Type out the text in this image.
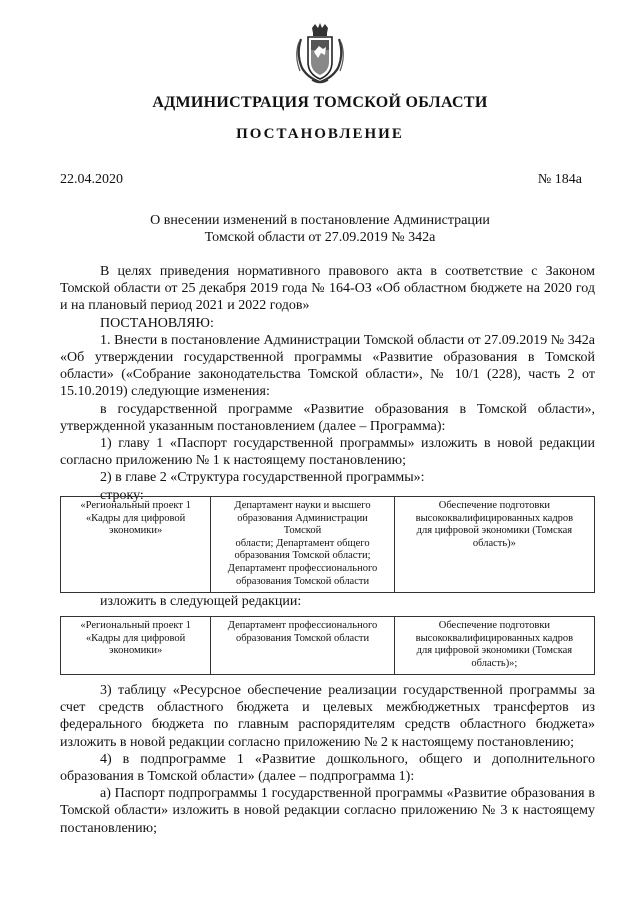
АДМИНИСТРАЦИЯ ТОМСКОЙ ОБЛАСТИ
ПОСТАНОВЛЕНИЕ
22.04.2020	№ 184а
О внесении изменений в постановление Администрации
Томской области от 27.09.2019 № 342а

В целях приведения нормативного правового акта в соответствие с Законом Томской области от 25 декабря 2019 года № 164-ОЗ «Об областном бюджете на 2020 год и на плановый период 2021 и 2022 годов»

ПОСТАНОВЛЯЮ:

1. Внести в постановление Администрации Томской области от 27.09.2019 № 342а «Об утверждении государственной программы «Развитие образования в Томской области» («Собрание законодательства Томской области», № 10/1 (228), часть 2 от 15.10.2019) следующие изменения:

в государственной программе «Развитие образования в Томской области», утвержденной указанным постановлением (далее – Программа):

1) главу 1 «Паспорт государственной программы» изложить в новой редакции согласно приложению № 1 к настоящему постановлению;

2) в главе 2 «Структура государственной программы»:

строку:

«Региональный проект 1
«Кадры для цифровой
экономики»

Департамент науки и высшего
образования Администрации Томской
области; Департамент общего
образования Томской области;
Департамент профессионального
образования Томской области

Обеспечение подготовки
высококвалифицированных кадров
для цифровой экономики (Томская
область)»

изложить в следующей редакции:

«Региональный проект 1
«Кадры для цифровой
экономики»

Департамент профессионального
образования Томской области

Обеспечение подготовки
высококвалифицированных кадров
для цифровой экономики (Томская
область)»;

3) таблицу «Ресурсное обеспечение реализации государственной программы за счет средств областного бюджета и целевых межбюджетных трансфертов из федерального бюджета по главным распорядителям средств областного бюджета» изложить в новой редакции согласно приложению № 2 к настоящему постановлению;

4) в подпрограмме 1 «Развитие дошкольного, общего и дополнительного образования в Томской области» (далее – подпрограмма 1):

а) Паспорт подпрограммы 1 государственной программы «Развитие образования в Томской области» изложить в новой редакции согласно приложению № 3 к настоящему постановлению;
